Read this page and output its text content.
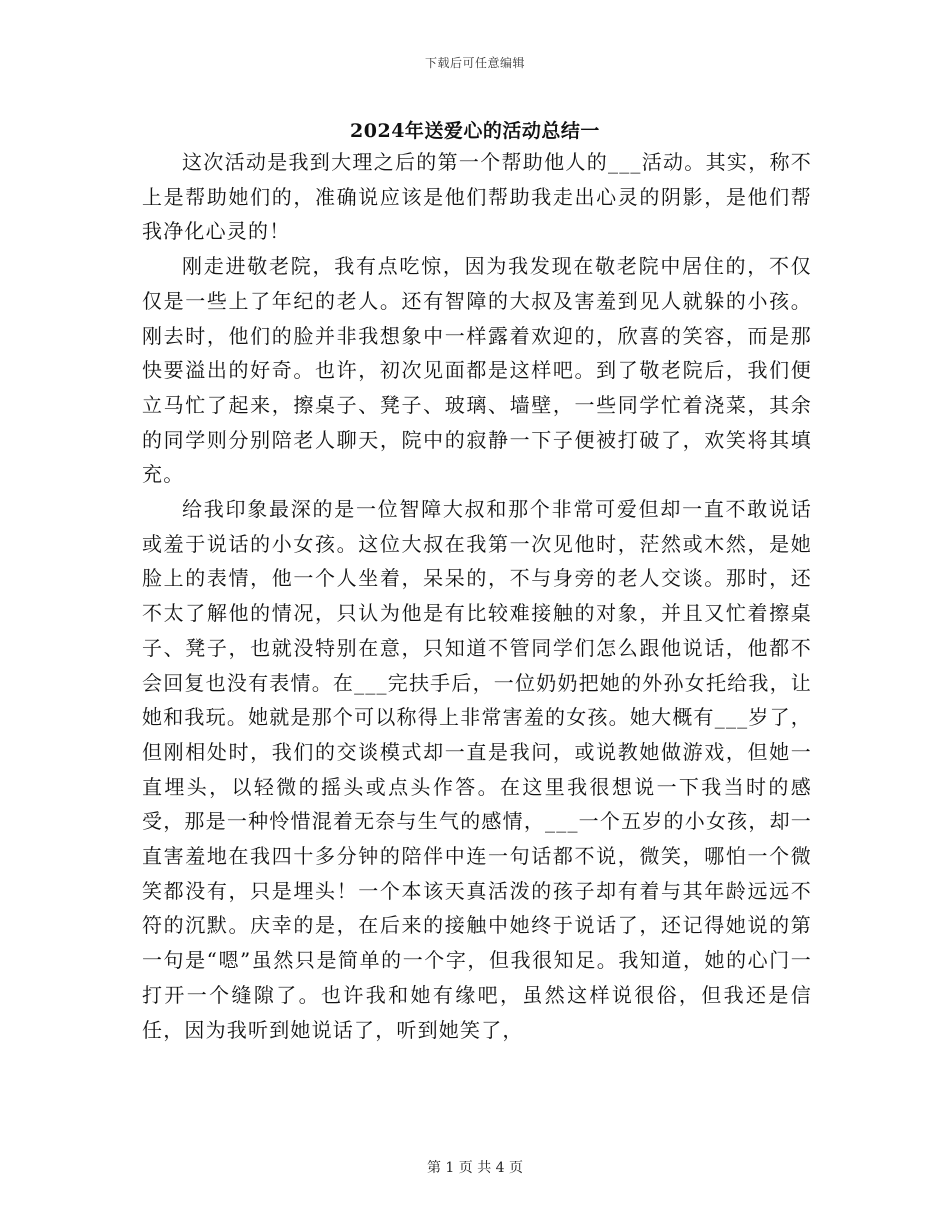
下载后可任意编辑
2024年送爱心的活动总结一

这次活动是我到大理之后的第一个帮助他人的___活动。其实，称不上是帮助她们的，准确说应该是他们帮助我走出心灵的阴影，是他们帮我净化心灵的！

刚走进敬老院，我有点吃惊，因为我发现在敬老院中居住的，不仅仅是一些上了年纪的老人。还有智障的大叔及害羞到见人就躲的小孩。刚去时，他们的脸并非我想象中一样露着欢迎的，欣喜的笑容，而是那快要溢出的好奇。也许，初次见面都是这样吧。到了敬老院后，我们便立马忙了起来，擦桌子、凳子、玻璃、墙壁，一些同学忙着浇菜，其余的同学则分别陪老人聊天，院中的寂静一下子便被打破了，欢笑将其填充。

给我印象最深的是一位智障大叔和那个非常可爱但却一直不敢说话或羞于说话的小女孩。这位大叔在我第一次见他时，茫然或木然，是她脸上的表情，他一个人坐着，呆呆的，不与身旁的老人交谈。那时，还不太了解他的情况，只认为他是有比较难接触的对象，并且又忙着擦桌子、凳子，也就没特别在意，只知道不管同学们怎么跟他说话，他都不会回复也没有表情。在___完扶手后，一位奶奶把她的外孙女托给我，让她和我玩。她就是那个可以称得上非常害羞的女孩。她大概有___岁了，但刚相处时，我们的交谈模式却一直是我问，或说教她做游戏，但她一直埋头，以轻微的摇头或点头作答。在这里我很想说一下我当时的感受，那是一种怜惜混着无奈与生气的感情，___一个五岁的小女孩，却一直害羞地在我四十多分钟的陪伴中连一句话都不说，微笑，哪怕一个微笑都没有，只是埋头！一个本该天真活泼的孩子却有着与其年龄远远不符的沉默。庆幸的是，在后来的接触中她终于说话了，还记得她说的第一句是“嗯”虽然只是简单的一个字，但我很知足。我知道，她的心门一打开一个缝隙了。也许我和她有缘吧，虽然这样说很俗，但我还是信任，因为我听到她说话了，听到她笑了，

第 1 页 共 4 页
